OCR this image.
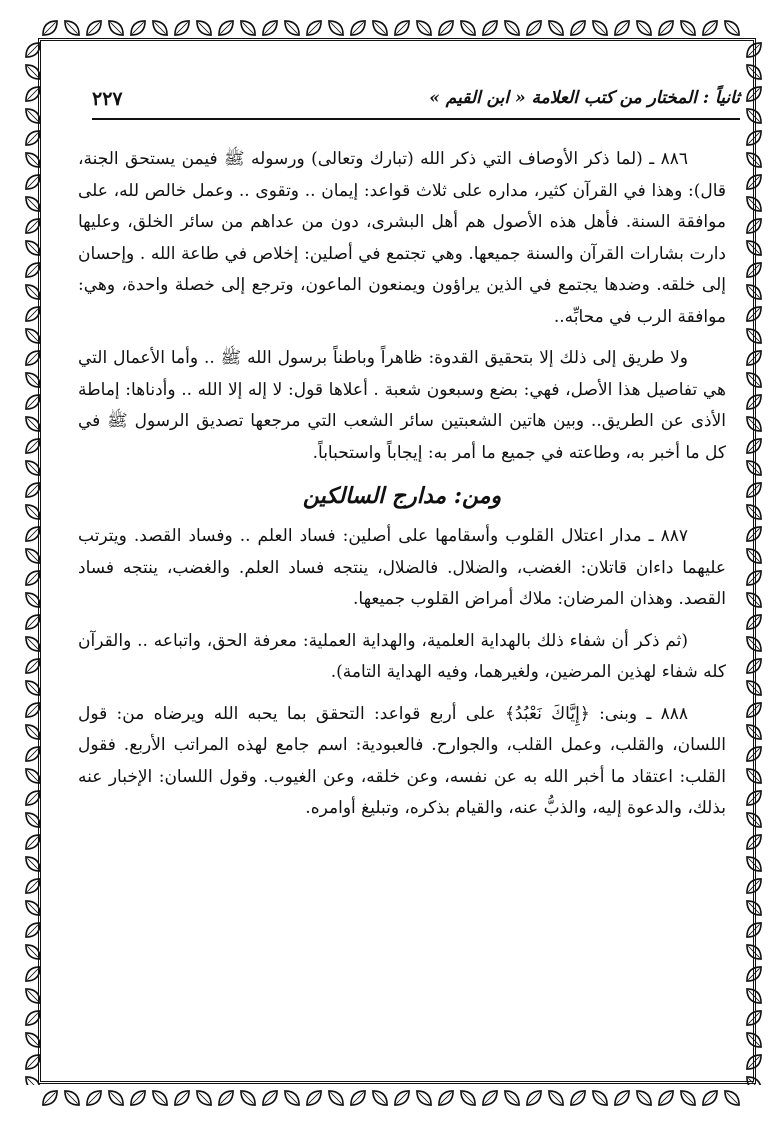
ثانياً : المختار من كتب العلامة « ابن القيم »
٢٢٧

٨٨٦ ـ (لما ذكر الأوصاف التي ذكر الله (تبارك وتعالى) ورسوله ﷺ فيمن يستحق الجنة، قال): وهذا في القرآن كثير، مداره على ثلاث قواعد: إيمان .. وتقوى .. وعمل خالص لله، على موافقة السنة. فأهل هذه الأصول هم أهل البشرى، دون من عداهم من سائر الخلق، وعليها دارت بشارات القرآن والسنة جميعها. وهي تجتمع في أصلين: إخلاص في طاعة الله . وإحسان إلى خلقه. وضدها يجتمع في الذين يراؤون ويمنعون الماعون، وترجع إلى خصلة واحدة، وهي: موافقة الرب في محابِّه..

ولا طريق إلى ذلك إلا بتحقيق القدوة: ظاهراً وباطناً برسول الله ﷺ .. وأما الأعمال التي هي تفاصيل هذا الأصل، فهي: بضع وسبعون شعبة . أعلاها قول: لا إله إلا الله .. وأدناها: إماطة الأذى عن الطريق.. وبين هاتين الشعبتين سائر الشعب التي مرجعها تصديق الرسول ﷺ في كل ما أخبر به، وطاعته في جميع ما أمر به: إيجاباً واستحباباً.

ومن: مدارج السالكين

٨٨٧ ـ مدار اعتلال القلوب وأسقامها على أصلين: فساد العلم .. وفساد القصد. ويترتب عليهما داءان قاتلان: الغضب، والضلال. فالضلال، ينتجه فساد العلم. والغضب، ينتجه فساد القصد. وهذان المرضان: ملاك أمراض القلوب جميعها.

(ثم ذكر أن شفاء ذلك بالهداية العلمية، والهداية العملية: معرفة الحق، واتباعه .. والقرآن كله شفاء لهذين المرضين، ولغيرهما، وفيه الهداية التامة).

٨٨٨ ـ وبنى: ﴿إِيَّاكَ نَعْبُدُ﴾ على أربع قواعد: التحقق بما يحبه الله ويرضاه من: قول اللسان، والقلب، وعمل القلب، والجوارح. فالعبودية: اسم جامع لهذه المراتب الأربع. فقول القلب: اعتقاد ما أخبر الله به عن نفسه، وعن خلقه، وعن الغيوب. وقول اللسان: الإخبار عنه بذلك، والدعوة إليه، والذبُّ عنه، والقيام بذكره، وتبليغ أوامره.
